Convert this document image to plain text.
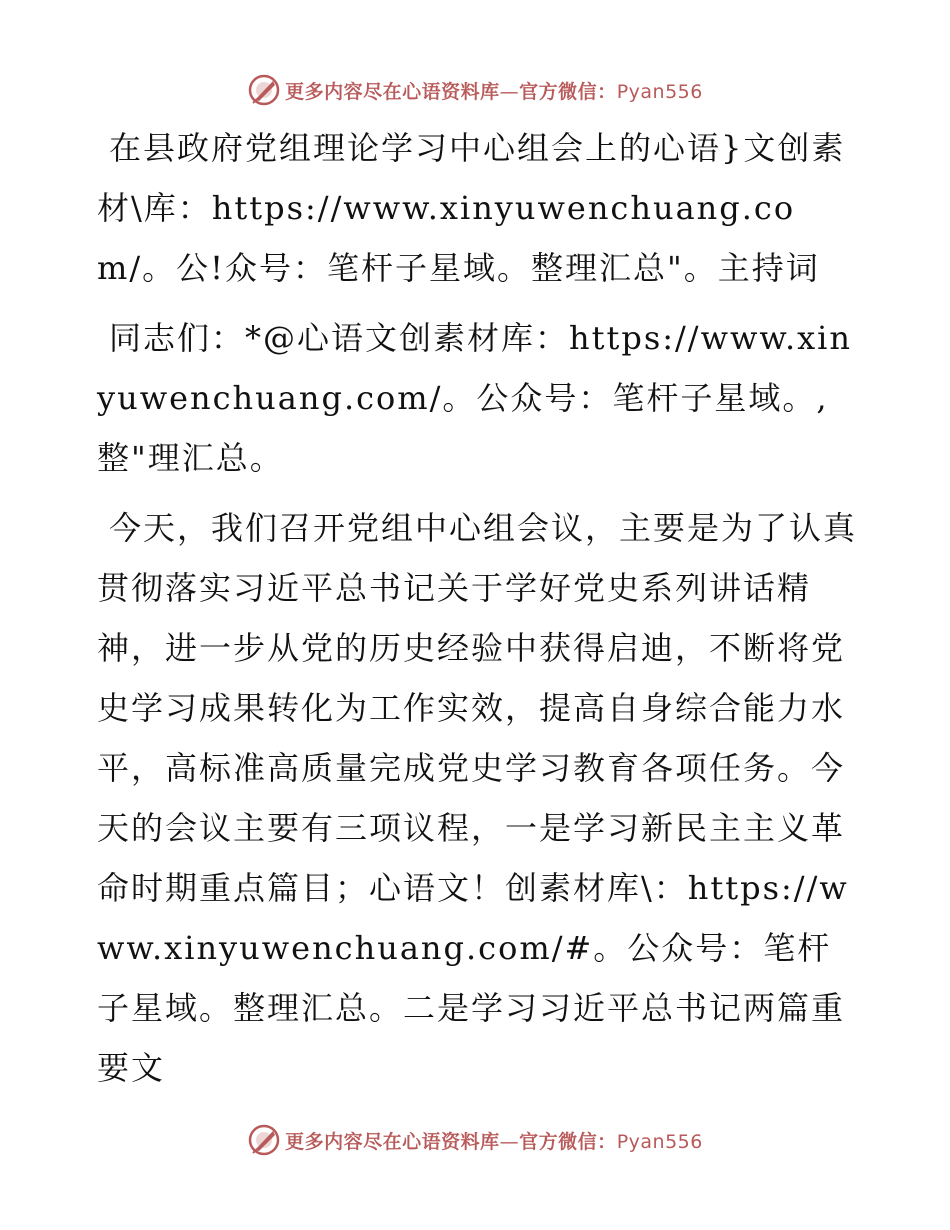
更多内容尽在心语资料库—官方微信：Pyan556

在县政府党组理论学习中心组会上的心语}文创素材\库：https://www.xinyuwenchuang.com/。公!众号：笔杆子星域。整理汇总"。主持词

同志们：*@心语文创素材库：https://www.xinyuwenchuang.com/。公众号：笔杆子星域。,整"理汇总。

今天，我们召开党组中心组会议，主要是为了认真贯彻落实习近平总书记关于学好党史系列讲话精神，进一步从党的历史经验中获得启迪，不断将党史学习成果转化为工作实效，提高自身综合能力水平，高标准高质量完成党史学习教育各项任务。今天的会议主要有三项议程，一是学习新民主主义革命时期重点篇目；心语文！创素材库\：https://www.xinyuwenchuang.com/#。公众号：笔杆子星域。整理汇总。二是学习习近平总书记两篇重要文

更多内容尽在心语资料库—官方微信：Pyan556
